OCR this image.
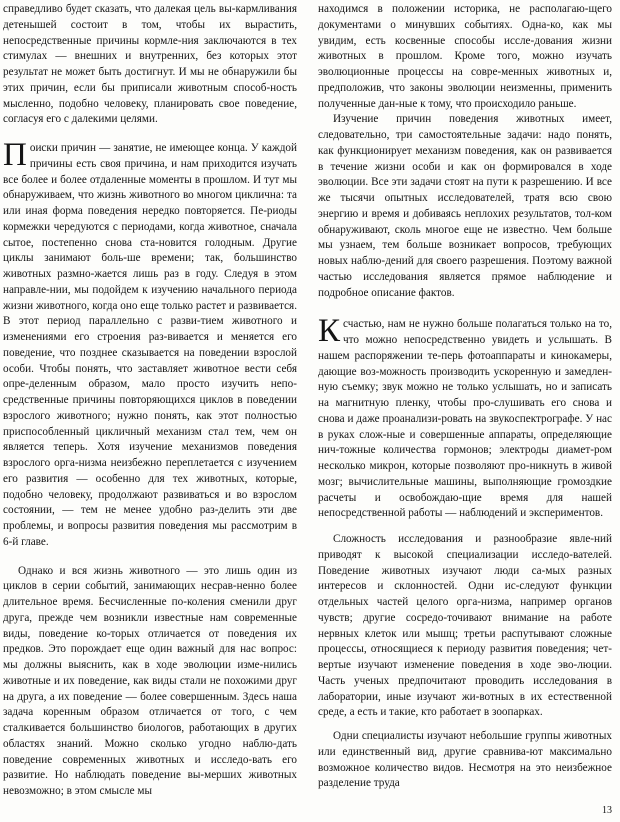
справедливо будет сказать, что далекая цель вы-кармливания детенышей состоит в том, чтобы их вырастить, непосредственные причины кормле-ния заключаются в тех стимулах — внешних и внутренних, без которых этот результат не может быть достигнут. И мы не обнаружили бы этих причин, если бы приписали животным способ-ность мысленно, подобно человеку, планировать свое поведение, согласуя его с далекими целями.

Поиски причин — занятие, не имеющее конца. У каждой причины есть своя причина, и нам приходится изучать все более и более отдаленные моменты в прошлом. И тут мы обнаруживаем, что жизнь животного во многом циклична: та или иная форма поведения нередко повторяется. Пе-риоды кормежки чередуются с периодами, когда животное, сначала сытое, постепенно снова ста-новится голодным. Другие циклы занимают боль-ше времени; так, большинство животных размно-жается лишь раз в году. Следуя в этом направле-нии, мы подойдем к изучению начального периода жизни животного, когда оно еще только растет и развивается. В этот период параллельно с разви-тием животного и изменениями его строения раз-вивается и меняется его поведение, что позднее сказывается на поведении взрослой особи. Чтобы понять, что заставляет животное вести себя опре-деленным образом, мало просто изучить непо-средственные причины повторяющихся циклов в поведении взрослого животного; нужно понять, как этот полностью приспособленный цикличный механизм стал тем, чем он является теперь. Хотя изучение механизмов поведения взрослого орга-низма неизбежно переплетается с изучением его развития — особенно для тех животных, которые, подобно человеку, продолжают развиваться и во взрослом состоянии, — тем не менее удобно раз-делить эти две проблемы, и вопросы развития поведения мы рассмотрим в 6-й главе.

Однако и вся жизнь животного — это лишь один из циклов в серии событий, занимающих несрав-ненно более длительное время. Бесчисленные по-коления сменили друг друга, прежде чем возникли известные нам современные виды, поведение ко-торых отличается от поведения их предков. Это порождает еще один важный для нас вопрос: мы должны выяснить, как в ходе эволюции изме-нились животные и их поведение, как виды стали не похожими друг на друга, а их поведение — более совершенным. Здесь наша задача коренным образом отличается от того, с чем сталкивается большинство биологов, работающих в других областях знаний. Можно сколько угодно наблю-дать поведение современных животных и исследо-вать его развитие. Но наблюдать поведение вы-мерших животных невозможно; в этом смысле мы

находимся в положении историка, не располагаю-щего документами о минувших событиях. Одна-ко, как мы увидим, есть косвенные способы иссле-дования жизни животных в прошлом. Кроме того, можно изучать эволюционные процессы на совре-менных животных и, предположив, что законы эволюции неизменны, применить полученные дан-ные к тому, что происходило раньше.

Изучение причин поведения животных имеет, следовательно, три самостоятельные задачи: надо понять, как функционирует механизм поведения, как он развивается в течение жизни особи и как он формировался в ходе эволюции. Все эти задачи стоят на пути к разрешению. И все же тысячи опытных исследователей, тратя всю свою энергию и время и добиваясь неплохих результатов, тол-ком обнаруживают, сколь многое еще не известно. Чем больше мы узнаем, тем больше возникает вопросов, требующих новых наблю-дений для своего разрешения. Поэтому важной частью исследования является прямое наблюдение и подробное описание фактов.

Ксчастью, нам не нужно больше полагаться только на то, что можно непосредственно увидеть и услышать. В нашем распоряжении те-перь фотоаппараты и кинокамеры, дающие воз-можность производить ускоренную и замедлен-ную съемку; звук можно не только услышать, но и записать на магнитную пленку, чтобы про-слушивать его снова и снова и даже проанализи-ровать на звукоспектрографе. У нас в руках слож-ные и совершенные аппараты, определяющие нич-тожные количества гормонов; электроды диамет-ром несколько микрон, которые позволяют про-никнуть в живой мозг; вычислительные машины, выполняющие громоздкие расчеты и освобождаю-щие время для нашей непосредственной работы — наблюдений и экспериментов.

Сложность исследования и разнообразие явле-ний приводят к высокой специализации исследо-вателей. Поведение животных изучают люди са-мых разных интересов и склонностей. Одни ис-следуют функции отдельных частей целого орга-низма, например органов чувств; другие сосредо-точивают внимание на работе нервных клеток или мышц; третьи распутывают сложные процессы, относящиеся к периоду развития поведения; чет-вертые изучают изменение поведения в ходе эво-люции. Часть ученых предпочитают проводить исследования в лаборатории, иные изучают жи-вотных в их естественной среде, а есть и такие, кто работает в зоопарках.

Одни специалисты изучают небольшие группы животных или единственный вид, другие сравнива-ют максимально возможное количество видов. Несмотря на это неизбежное разделение труда

13
